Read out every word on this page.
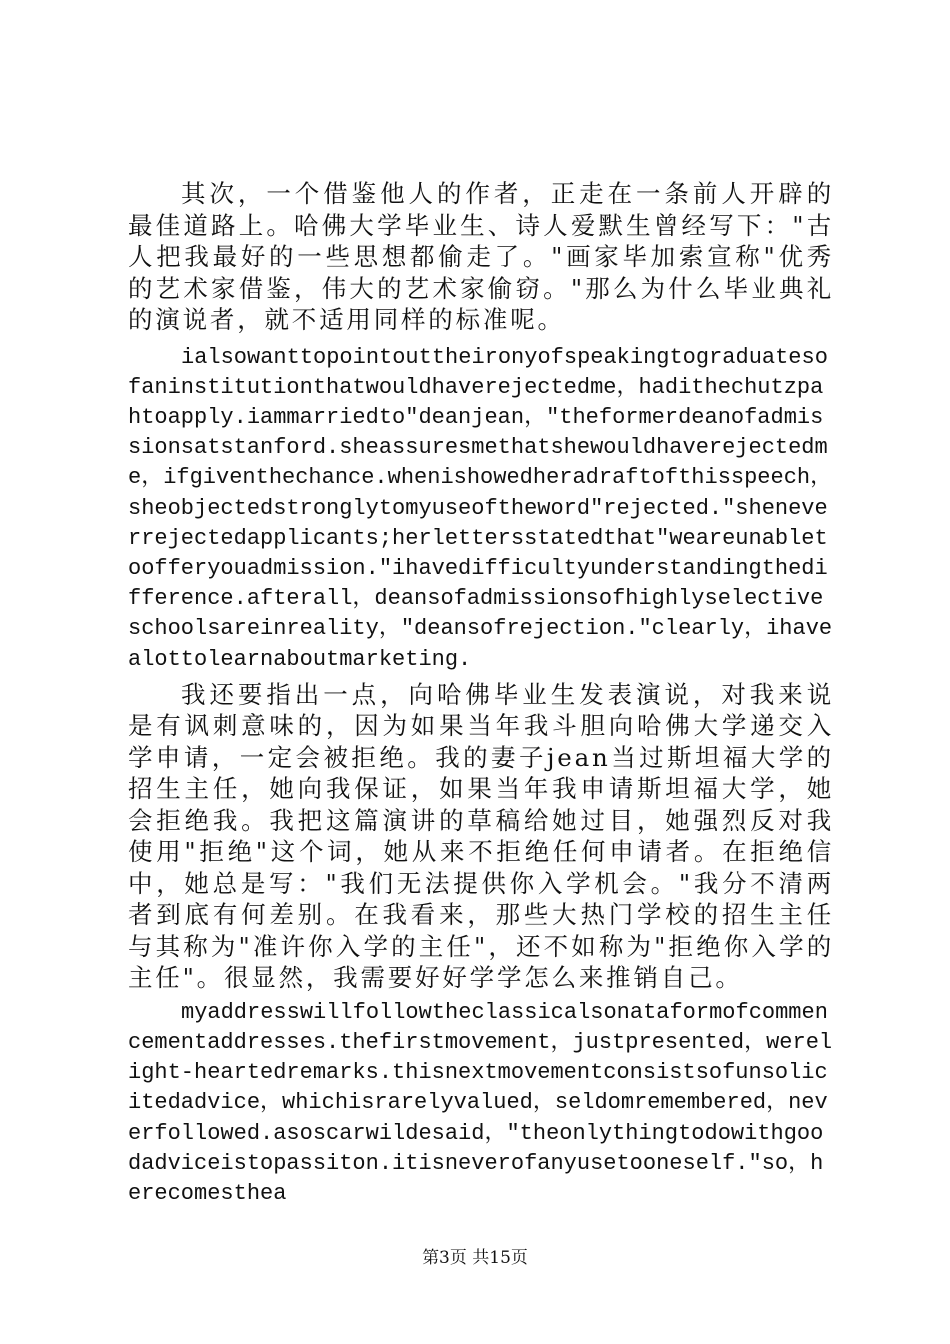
其次，一个借鉴他人的作者，正走在一条前人开辟的最佳道路上。哈佛大学毕业生、诗人爱默生曾经写下："古人把我最好的一些思想都偷走了。"画家毕加索宣称"优秀的艺术家借鉴，伟大的艺术家偷窃。"那么为什么毕业典礼的演说者，就不适用同样的标准呢。

ialsowanttopointouttheironyofspeakingtograduatesofaninstitutionthatwouldhaverejectedme，hadithechutzpahtoapply.iammarriedto"deanjean，"theformerdeanofadmissionsatstanford.sheassuresmethatshewouldhaverejectedme，ifgiventhechance.whenishowedheradraftofthisspeech，sheobjectedstronglytomyuseoftheword"rejected."sheneverrejectedapplicants;herlettersstatedthat"weareunabletoofferyouadmission."ihavedifficultyunderstandingthedifference.afterall，deansofadmissionsofhighlyselectiveschoolsareinreality，"deansofrejection."clearly，ihavealottolearnaboutmarketing.

我还要指出一点，向哈佛毕业生发表演说，对我来说是有讽刺意味的，因为如果当年我斗胆向哈佛大学递交入学申请，一定会被拒绝。我的妻子jean当过斯坦福大学的招生主任，她向我保证，如果当年我申请斯坦福大学，她会拒绝我。我把这篇演讲的草稿给她过目，她强烈反对我使用"拒绝"这个词，她从来不拒绝任何申请者。在拒绝信中，她总是写："我们无法提供你入学机会。"我分不清两者到底有何差别。在我看来，那些大热门学校的招生主任与其称为"准许你入学的主任"，还不如称为"拒绝你入学的主任"。很显然，我需要好好学学怎么来推销自己。

myaddresswillfollowtheclassicalsonataformofcommencementaddresses.thefirstmovement，justpresented，werelight-heartedremarks.thisnextmovementconsistsofunsolicitedadvice，whichisrarelyvalued，seldomremembered，neverfollowed.asoscarwildesaid，"theonlythingtodowithgoodadviceistopassiton.itisneverofanyusetooneself."so，herecomesthea

第3页 共15页
